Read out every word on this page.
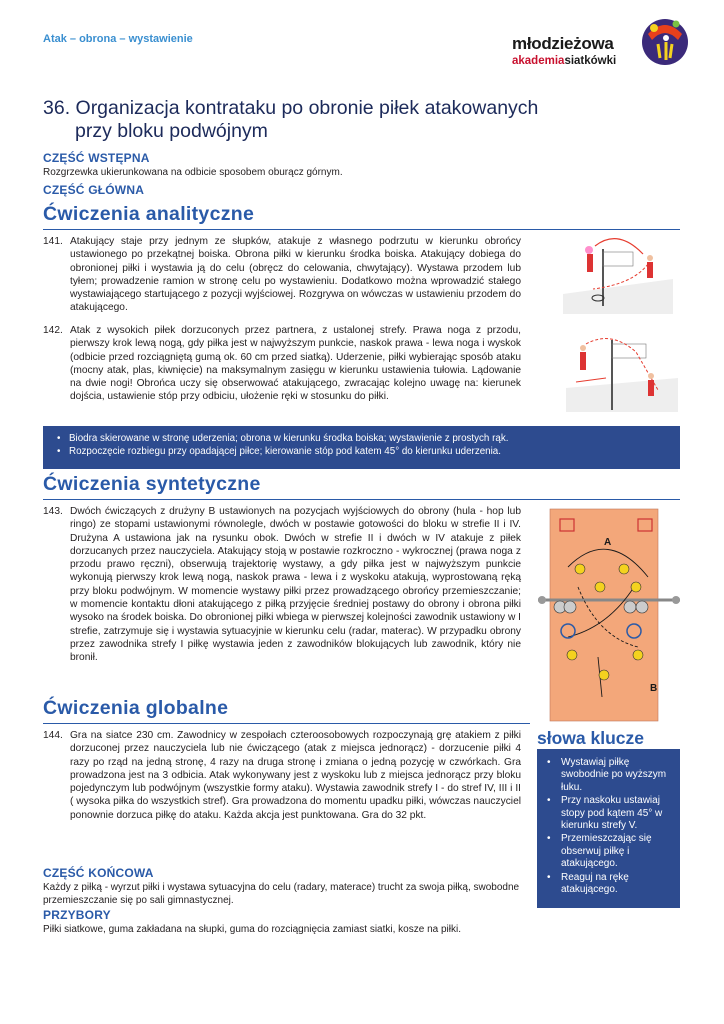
Atak – obrona – wystawienie	młodzieżowa
akademiasiatkówki
36. Organizacja kontrataku po obronie piłek atakowanych
przy bloku podwójnym
CZĘŚĆ WSTĘPNA
Rozgrzewka ukierunkowana na odbicie sposobem oburącz górnym.
CZĘŚĆ GŁÓWNA
Ćwiczenia analityczne
141. Atakujący staje przy jednym ze słupków, atakuje z własnego podrzutu w kierunku obrońcy ustawionego po przekątnej boiska. Obrona piłki w kierunku środka boiska. Atakujący dobiega do obronionej piłki i wystawia ją do celu (obręcz do celowania, chwytający). Wystawa przodem lub tyłem; prowadzenie ramion w stronę celu po wystawieniu. Dodatkowo można wprowadzić stałego wystawiającego startującego z pozycji wyjściowej. Rozgrywa on wówczas w ustawieniu przodem do atakującego.
142. Atak z wysokich piłek dorzuconych przez partnera, z ustalonej strefy. Prawa noga z przodu, pierwszy krok lewą nogą, gdy piłka jest w najwyższym punkcie, naskok prawa - lewa noga i wyskok (odbicie przed rozciągniętą gumą ok. 60 cm przed siatką). Uderzenie, piłki wybierając sposób ataku (mocny atak, plas, kiwnięcie) na maksymalnym zasięgu w kierunku ustawienia tułowia. Lądowanie na dwie nogi! Obrońca uczy się obserwować atakującego, zwracając kolejno uwagę na: kierunek dojścia, ustawienie stóp przy odbiciu, ułożenie ręki w stosunku do piłki.
• Biodra skierowane w stronę uderzenia; obrona w kierunku środka boiska; wystawienie z prostych rąk.
• Rozpoczęcie rozbiegu przy opadającej piłce; kierowanie stóp pod katem 45° do kierunku uderzenia.
Ćwiczenia syntetyczne
143. Dwóch ćwiczących z drużyny B ustawionych na pozycjach wyjściowych do obrony (hula - hop lub ringo) ze stopami ustawionymi równolegle, dwóch w postawie gotowości do bloku w strefie II i IV. Drużyna A ustawiona jak na rysunku obok. Dwóch w strefie II i dwóch w IV atakuje z piłek dorzucanych przez nauczyciela. Atakujący stoją w postawie rozkroczno - wykrocznej (prawa noga z przodu prawo ręczni), obserwują trajektorię wystawy, a gdy piłka jest w najwyższym punkcie wykonują pierwszy krok lewą nogą, naskok prawa - lewa i z wyskoku atakują, wyprostowaną ręką przy bloku podwójnym. W momencie wystawy piłki przez prowadzącego obrońcy przemieszczanie; w momencie kontaktu dłoni atakującego z piłką przyjęcie średniej postawy do obrony i obrona piłki wysoko na środek boiska. Do obronionej piłki wbiega w pierwszej kolejności zawodnik ustawiony w I strefie, zatrzymuje się i wystawia sytuacyjnie w kierunku celu (radar, materac). W przypadku obrony przez zawodnika strefy I piłkę wystawia jeden z zawodników blokujących lub zawodnik, który nie bronił.
A
B
Ćwiczenia globalne
144. Gra na siatce 230 cm. Zawodnicy w zespołach czteroosobowych rozpoczynają grę atakiem z piłki dorzuconej przez nauczyciela lub nie ćwiczącego (atak z miejsca jednorącz) - dorzucenie piłki 4 razy po rząd na jedną stronę, 4 razy na druga stronę i zmiana o jedną pozycję w czwórkach. Gra prowadzona jest na 3 odbicia. Atak wykonywany jest z wyskoku lub z miejsca jednorącz przy bloku pojedynczym lub podwójnym (wszystkie formy ataku). Wystawia zawodnik strefy I - do stref IV, III i II ( wysoka piłka do wszystkich stref). Gra prowadzona do momentu upadku piłki, wówczas nauczyciel ponownie dorzuca piłkę do ataku. Każda akcja jest punktowana. Gra do 32 pkt.
słowa klucze
• Wystawiaj piłkę swobodnie po wyższym łuku.
• Przy naskoku ustawiaj stopy pod kątem 45° w kierunku strefy V.
• Przemieszczając się obserwuj piłkę i atakującego.
• Reaguj na rękę atakującego.
CZĘŚĆ KOŃCOWA
Każdy z piłką - wyrzut piłki i wystawa sytuacyjna do celu (radary, materace) trucht za swoja piłką, swobodne przemieszczanie się po sali gimnastycznej.
PRZYBORY
Piłki siatkowe, guma zakładana na słupki, guma do rozciągnięcia zamiast siatki, kosze na piłki.
